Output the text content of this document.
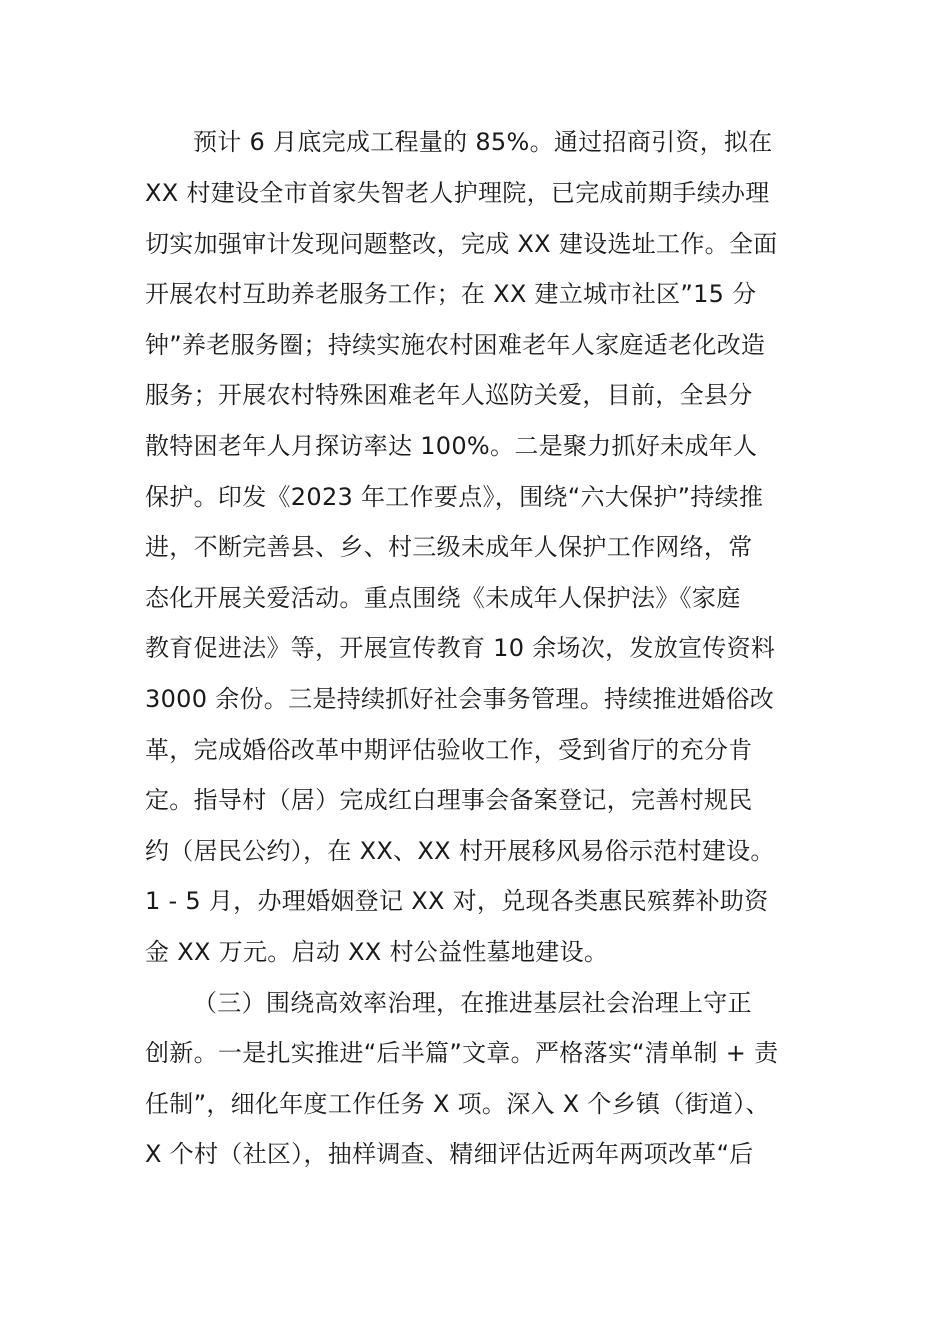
预计 6 月底完成工程量的 85%。通过招商引资，拟在
XX 村建设全市首家失智老人护理院，已完成前期手续办理
切实加强审计发现问题整改，完成 XX 建设选址工作。全面
开展农村互助养老服务工作；在 XX 建立城市社区”15 分
钟”养老服务圈；持续实施农村困难老年人家庭适老化改造
服务；开展农村特殊困难老年人巡防关爱，目前，全县分
散特困老年人月探访率达 100%。二是聚力抓好未成年人
保护。印发《2023 年工作要点》，围绕“六大保护”持续推
进，不断完善县、乡、村三级未成年人保护工作网络，常
态化开展关爱活动。重点围绕《未成年人保护法》《家庭
教育促进法》等，开展宣传教育 10 余场次，发放宣传资料
3000 余份。三是持续抓好社会事务管理。持续推进婚俗改
革，完成婚俗改革中期评估验收工作，受到省厅的充分肯
定。指导村（居）完成红白理事会备案登记，完善村规民
约（居民公约），在 XX、XX 村开展移风易俗示范村建设。
1 - 5 月，办理婚姻登记 XX 对，兑现各类惠民殡葬补助资
金 XX 万元。启动 XX 村公益性墓地建设。
（三）围绕高效率治理，在推进基层社会治理上守正
创新。一是扎实推进“后半篇”文章。严格落实“清单制 + 责
任制”，细化年度工作任务 X 项。深入 X 个乡镇（街道）、
X 个村（社区），抽样调查、精细评估近两年两项改革“后
